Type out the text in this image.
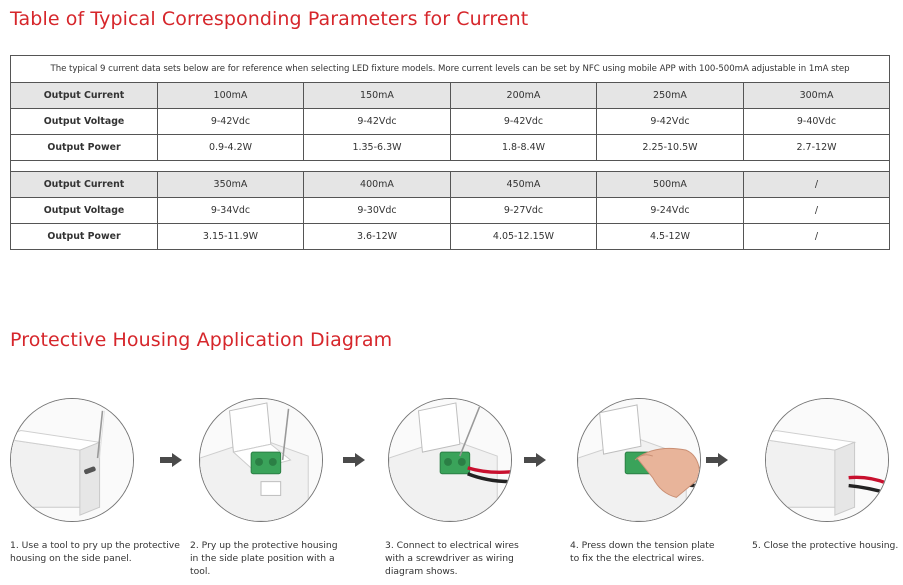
Table of Typical Corresponding Parameters for Current
The typical 9 current data sets below are for reference when selecting LED fixture models. More current levels can be set by NFC using mobile APP with 100-500mA adjustable in 1mA step					
Output Current	100mA	150mA	200mA	250mA	300mA
Output Voltage	9-42Vdc	9-42Vdc	9-42Vdc	9-42Vdc	9-40Vdc
Output Power	0.9-4.2W	1.35-6.3W	1.8-8.4W	2.25-10.5W	2.7-12W

Output Current	350mA	400mA	450mA	500mA	/
Output Voltage	9-34Vdc	9-30Vdc	9-27Vdc	9-24Vdc	/
Output Power	3.15-11.9W	3.6-12W	4.05-12.15W	4.5-12W	/
Protective Housing Application Diagram
1. Use a tool to pry up the protective
housing on the side panel.
2. Pry up the protective housing
in the side plate position with a
tool.
3. Connect to electrical wires
with a screwdriver as wiring
diagram shows.
4. Press down the tension plate
to fix the the electrical wires.
5. Close the protective housing.
